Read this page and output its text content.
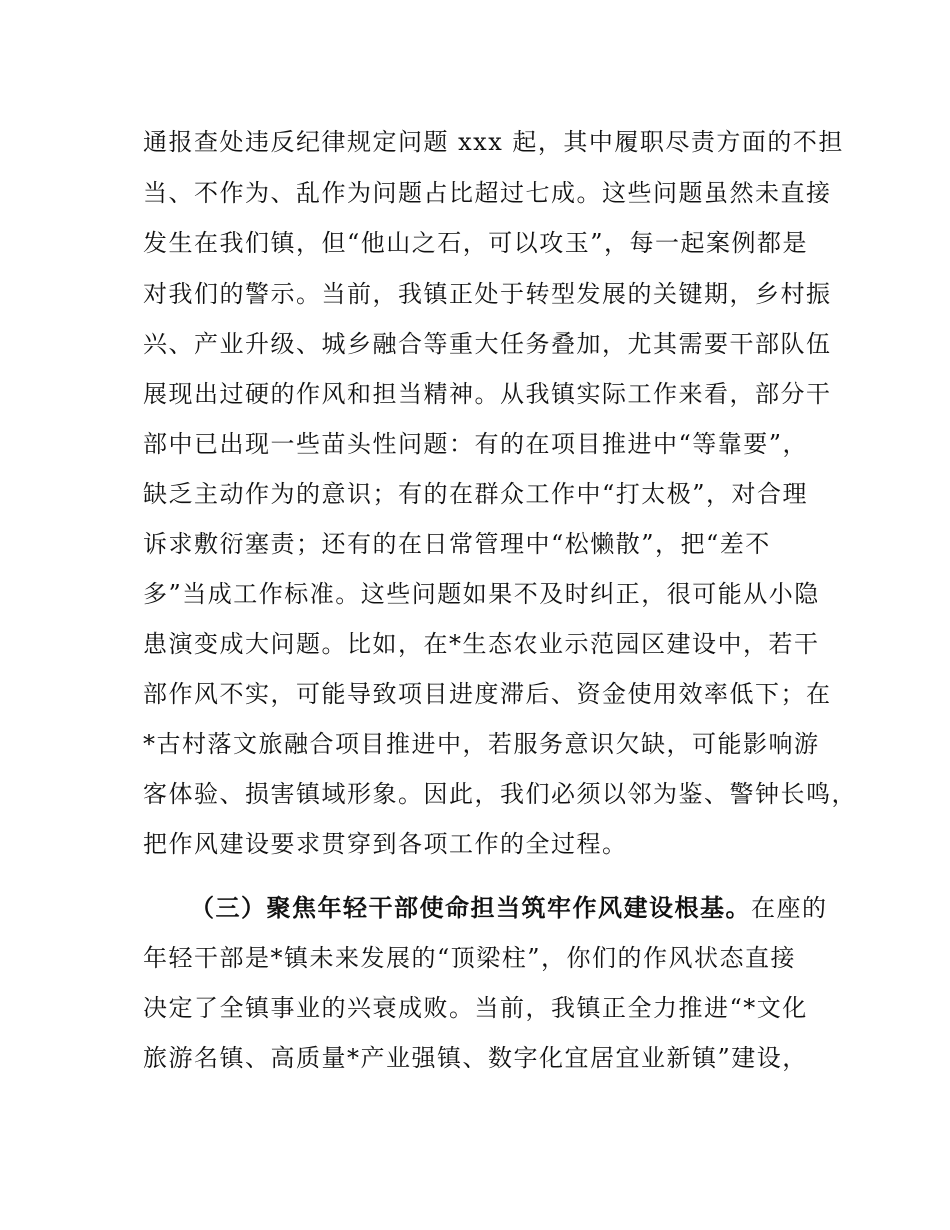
通报查处违反纪律规定问题 xxx 起，其中履职尽责方面的不担
当、不作为、乱作为问题占比超过七成。这些问题虽然未直接
发生在我们镇，但“他山之石，可以攻玉”，每一起案例都是
对我们的警示。当前，我镇正处于转型发展的关键期，乡村振
兴、产业升级、城乡融合等重大任务叠加，尤其需要干部队伍
展现出过硬的作风和担当精神。从我镇实际工作来看，部分干
部中已出现一些苗头性问题：有的在项目推进中“等靠要”，
缺乏主动作为的意识；有的在群众工作中“打太极”，对合理
诉求敷衍塞责；还有的在日常管理中“松懒散”，把“差不
多”当成工作标准。这些问题如果不及时纠正，很可能从小隐
患演变成大问题。比如，在*生态农业示范园区建设中，若干
部作风不实，可能导致项目进度滞后、资金使用效率低下；在
*古村落文旅融合项目推进中，若服务意识欠缺，可能影响游
客体验、损害镇域形象。因此，我们必须以邻为鉴、警钟长鸣，
把作风建设要求贯穿到各项工作的全过程。
（三）聚焦年轻干部使命担当筑牢作风建设根基。在座的
年轻干部是*镇未来发展的“顶梁柱”，你们的作风状态直接
决定了全镇事业的兴衰成败。当前，我镇正全力推进“*文化
旅游名镇、高质量*产业强镇、数字化宜居宜业新镇”建设，
